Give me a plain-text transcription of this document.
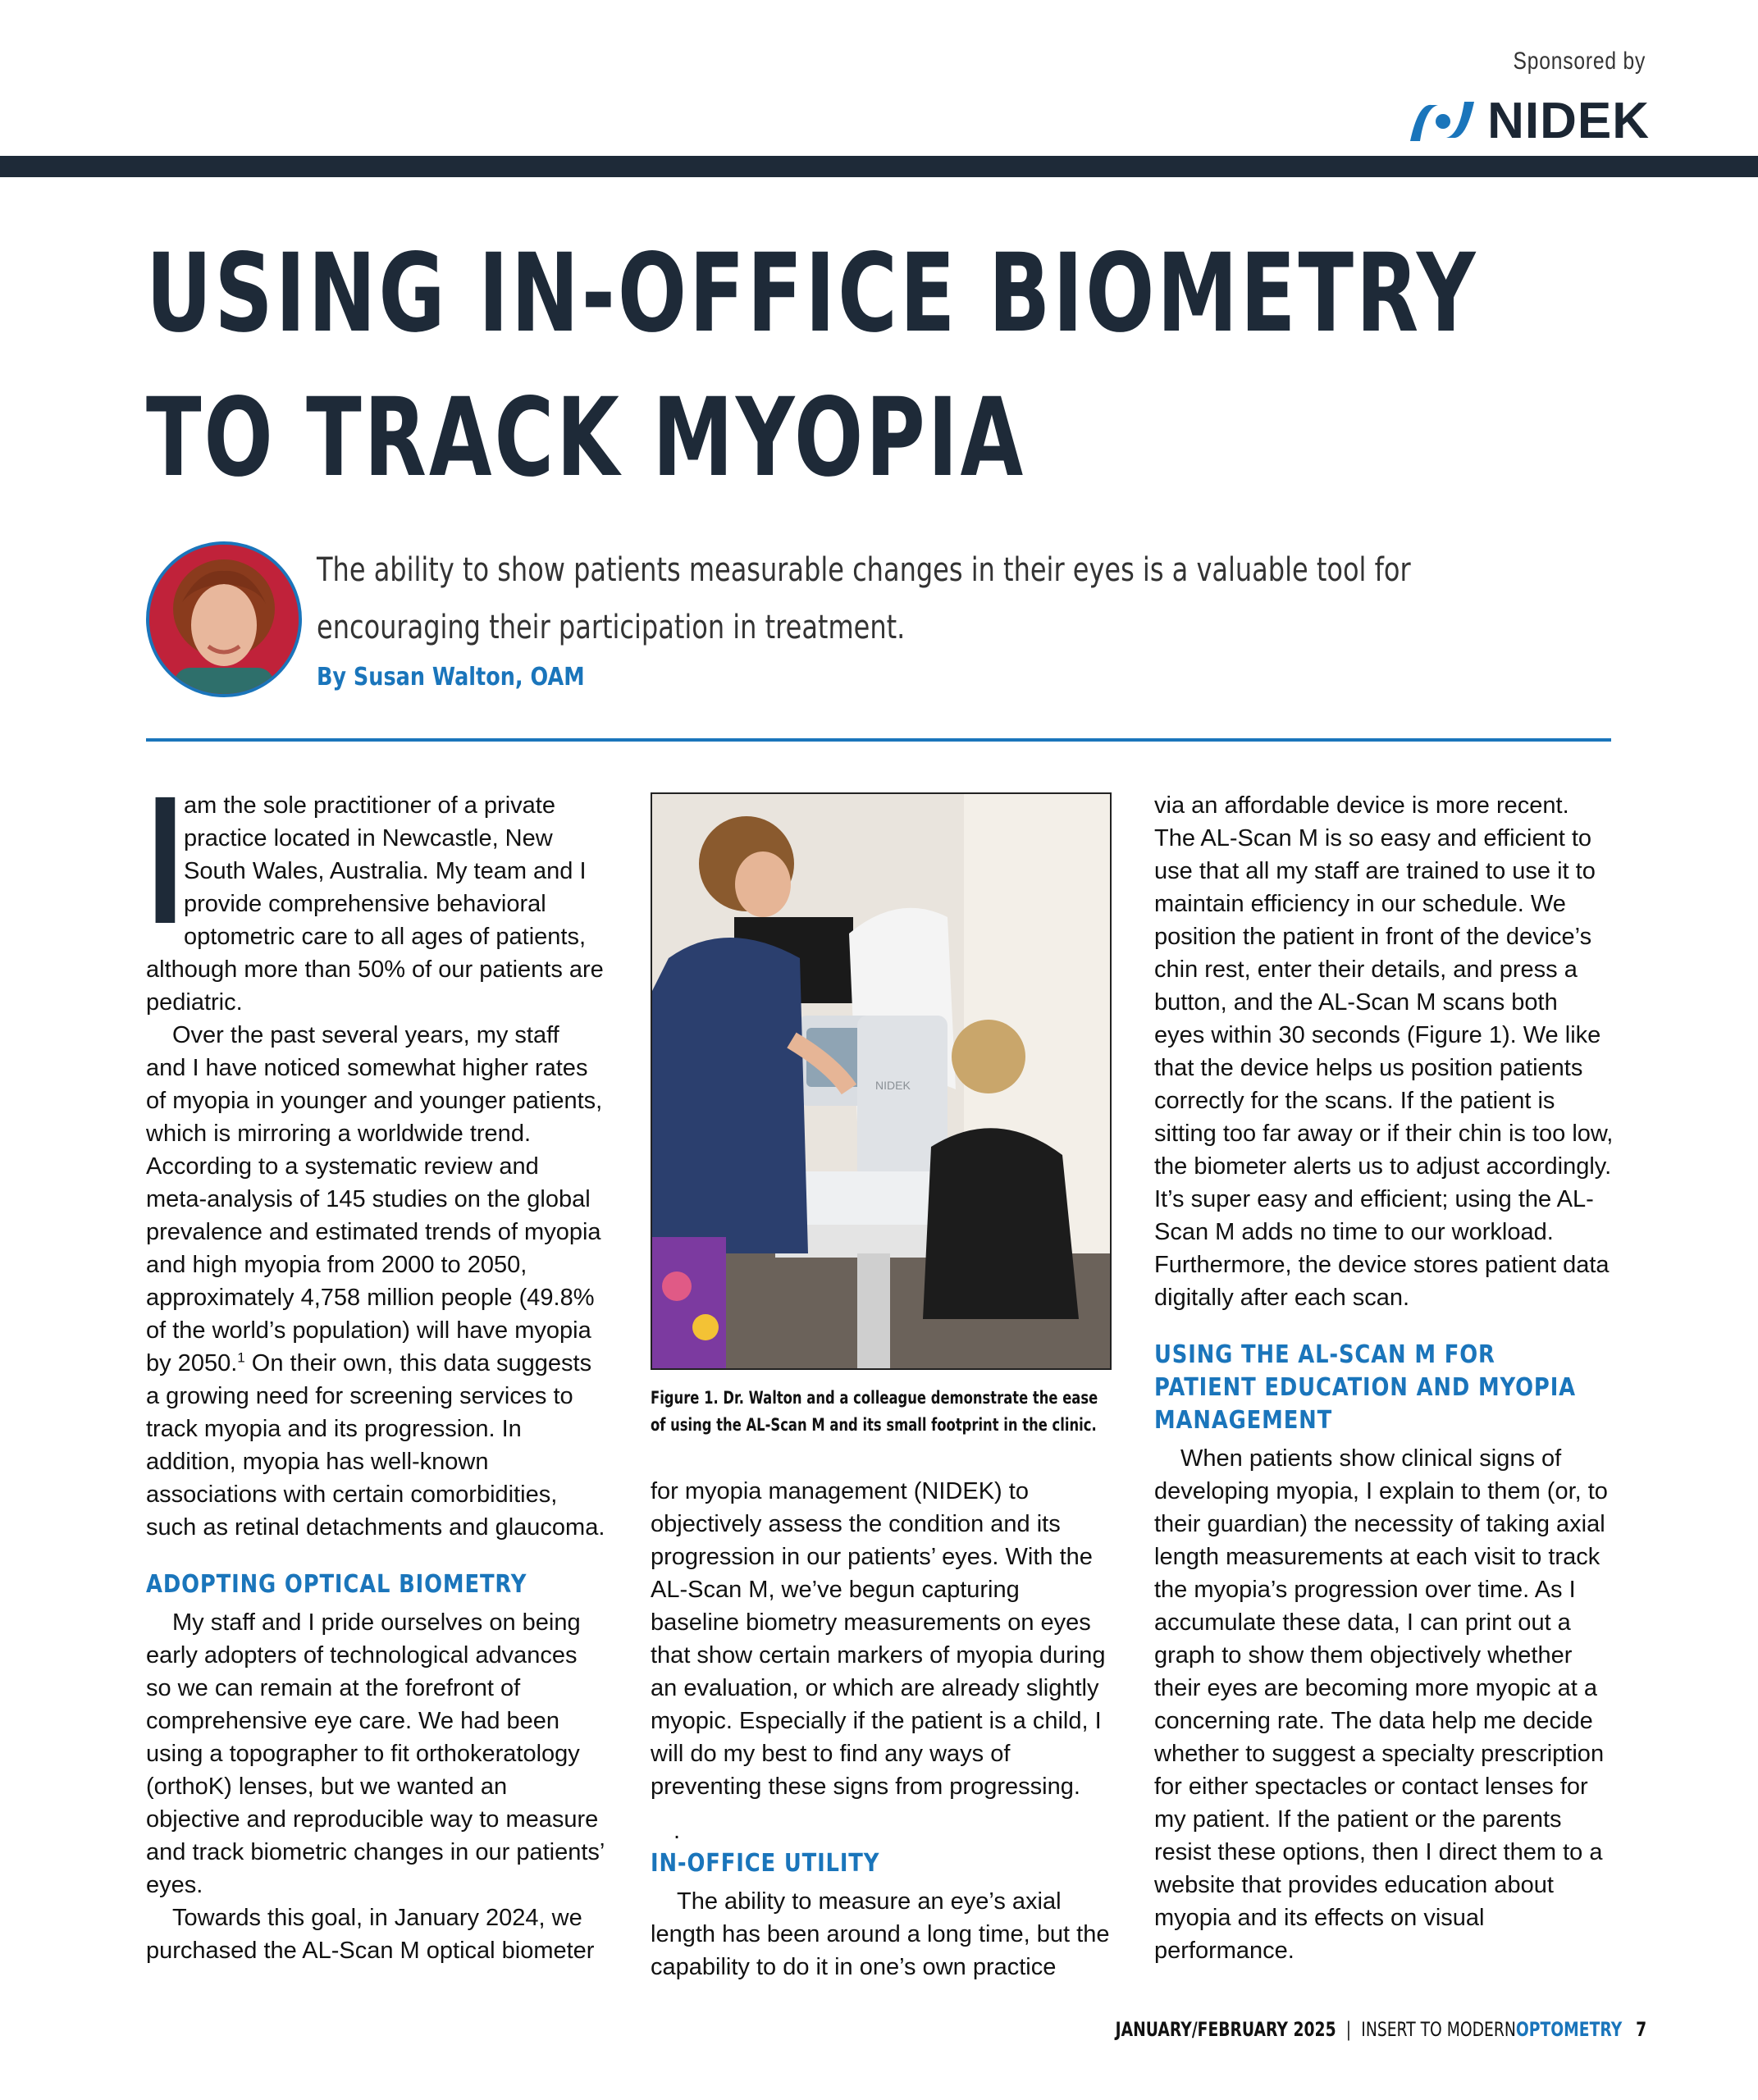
Sponsored by
NIDEK
USING IN-OFFICE BIOMETRY
TO TRACK MYOPIA

The ability to show patients measurable changes in their eyes is a valuable tool for encouraging their participation in treatment.

By Susan Walton, OAM
I am the sole practitioner of a private practice located in Newcastle, New South Wales, Australia. My team and I provide comprehensive behavioral optometric care to all ages of patients, although more than 50% of our patients are pediatric.

Over the past several years, my staff and I have noticed somewhat higher rates of myopia in younger and younger patients, which is mirroring a worldwide trend. According to a systematic review and meta-analysis of 145 studies on the global prevalence and estimated trends of myopia and high myopia from 2000 to 2050, approximately 4,758 million people (49.8% of the world’s population) will have myopia by 2050.$^1$ On their own, this data suggests a growing need for screening services to track myopia and its progression. In addition, myopia has well-known associations with certain comorbidities, such as retinal detachments and glaucoma.

ADOPTING OPTICAL BIOMETRY

My staff and I pride ourselves on being early adopters of technological advances so we can remain at the forefront of comprehensive eye care. We had been using a topographer to fit orthokeratology (orthoK) lenses, but we wanted an objective and reproducible way to measure and track biometric changes in our patients’ eyes.

Towards this goal, in January 2024, we purchased the AL-Scan M optical biometer

NIDEK
Figure 1. Dr. Walton and a colleague demonstrate the ease of using the AL-Scan M and its small footprint in the clinic.

for myopia management (NIDEK) to objectively assess the condition and its progression in our patients’ eyes. With the AL-Scan M, we’ve begun capturing baseline biometry measurements on eyes that show certain markers of myopia during an evaluation, or which are already slightly myopic. Especially if the patient is a child, I will do my best to find any ways of preventing these signs from progressing.

.

IN-OFFICE UTILITY

The ability to measure an eye’s axial length has been around a long time, but the capability to do it in one’s own practice

via an affordable device is more recent. The AL-Scan M is so easy and efficient to use that all my staff are trained to use it to maintain efficiency in our schedule. We position the patient in front of the device’s chin rest, enter their details, and press a button, and the AL-Scan M scans both eyes within 30 seconds (Figure 1). We like that the device helps us position patients correctly for the scans. If the patient is sitting too far away or if their chin is too low, the biometer alerts us to adjust accordingly. It’s super easy and efficient; using the AL-Scan M adds no time to our workload. Furthermore, the device stores patient data digitally after each scan.

USING THE AL-SCAN M FOR PATIENT EDUCATION AND MYOPIA MANAGEMENT

When patients show clinical signs of developing myopia, I explain to them (or, to their guardian) the necessity of taking axial length measurements at each visit to track the myopia’s progression over time. As I accumulate these data, I can print out a graph to show them objectively whether their eyes are becoming more myopic at a concerning rate. The data help me decide whether to suggest a specialty prescription for either spectacles or contact lenses for my patient. If the patient or the parents resist these options, then I direct them to a website that provides education about myopia and its effects on visual performance.

JANUARY/FEBRUARY 2025 | INSERT TO MODERNOPTOMETRY 7
